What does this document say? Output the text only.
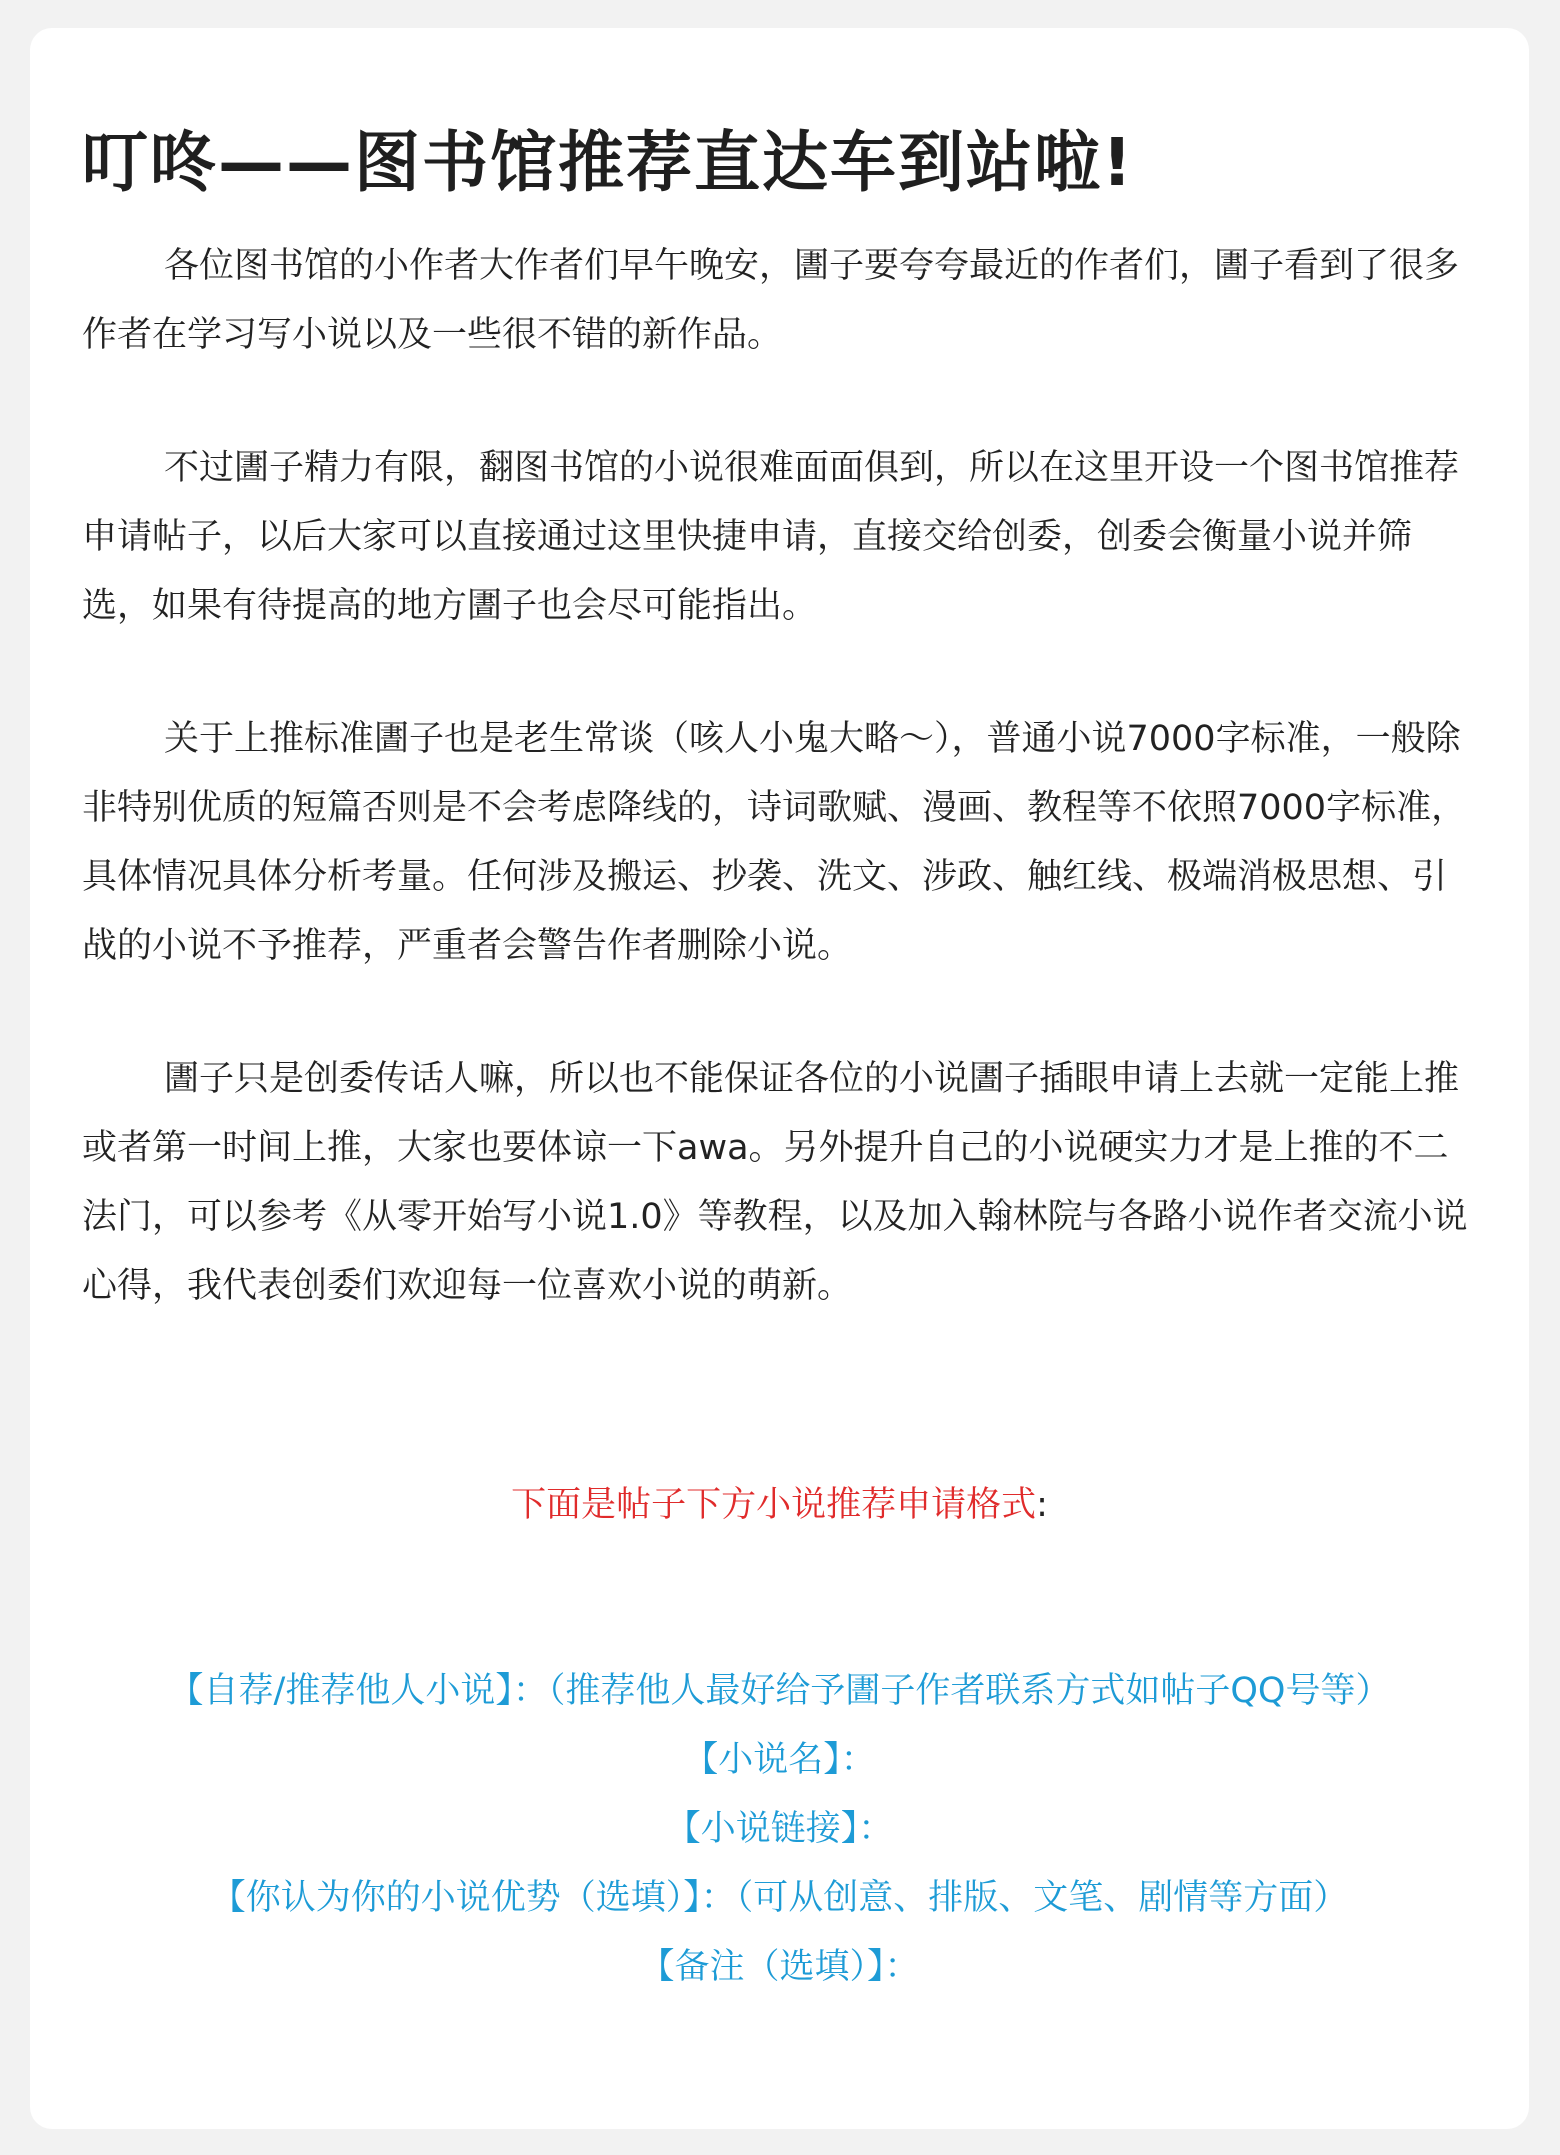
叮咚——图书馆推荐直达车到站啦!

各位图书馆的小作者大作者们早午晚安，圕子要夸夸最近的作者们，圕子看到了很多作者在学习写小说以及一些很不错的新作品。

不过圕子精力有限，翻图书馆的小说很难面面俱到，所以在这里开设一个图书馆推荐申请帖子，以后大家可以直接通过这里快捷申请，直接交给创委，创委会衡量小说并筛选，如果有待提高的地方圕子也会尽可能指出。

关于上推标准圕子也是老生常谈（咳人小鬼大略～），普通小说7000字标准，一般除非特别优质的短篇否则是不会考虑降线的，诗词歌赋、漫画、教程等不依照7000字标准，具体情况具体分析考量。任何涉及搬运、抄袭、洗文、涉政、触红线、极端消极思想、引战的小说不予推荐，严重者会警告作者删除小说。

圕子只是创委传话人嘛，所以也不能保证各位的小说圕子插眼申请上去就一定能上推或者第一时间上推，大家也要体谅一下awa。另外提升自己的小说硬实力才是上推的不二法门，可以参考《从零开始写小说1.0》等教程，以及加入翰林院与各路小说作者交流小说心得，我代表创委们欢迎每一位喜欢小说的萌新。

下面是帖子下方小说推荐申请格式:
【自荐/推荐他人小说】：（推荐他人最好给予圕子作者联系方式如帖子QQ号等）
【小说名】：
【小说链接】：
【你认为你的小说优势（选填）】：（可从创意、排版、文笔、剧情等方面）
【备注（选填）】：
